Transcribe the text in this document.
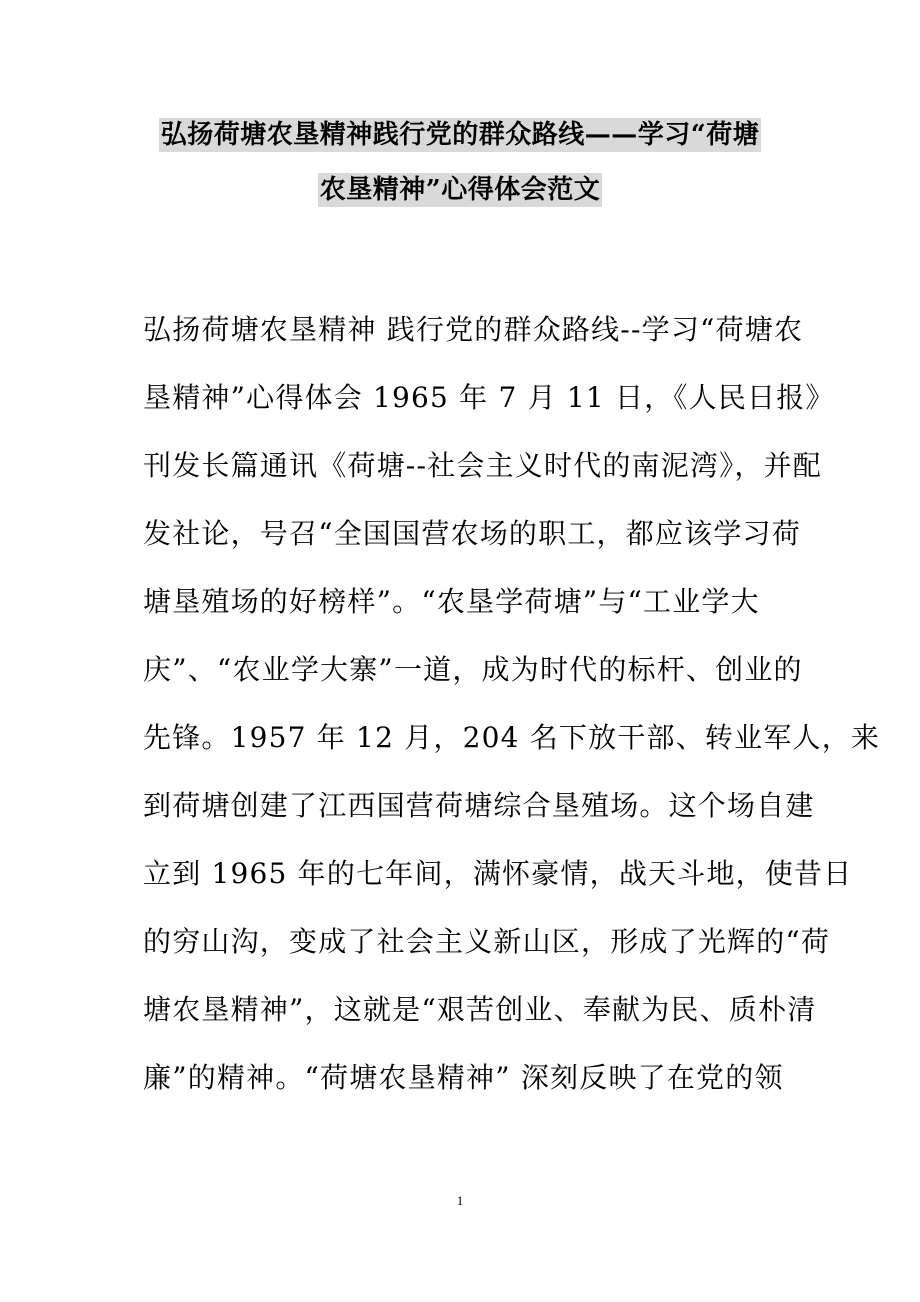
弘扬荷塘农垦精神践行党的群众路线——学习“荷塘
农垦精神”心得体会范文
弘扬荷塘农垦精神 践行党的群众路线--学习“荷塘农
垦精神”心得体会 1965 年 7 月 11 日，《人民日报》
刊发长篇通讯《荷塘--社会主义时代的南泥湾》，并配
发社论，号召“全国国营农场的职工，都应该学习荷
塘垦殖场的好榜样”。“农垦学荷塘”与“工业学大
庆”、“农业学大寨”一道，成为时代的标杆、创业的
先锋。1957 年 12 月，204 名下放干部、转业军人，来
到荷塘创建了江西国营荷塘综合垦殖场。这个场自建
立到 1965 年的七年间，满怀豪情，战天斗地，使昔日
的穷山沟，变成了社会主义新山区，形成了光辉的“荷
塘农垦精神”，这就是“艰苦创业、奉献为民、质朴清
廉”的精神。“荷塘农垦精神” 深刻反映了在党的领
1
